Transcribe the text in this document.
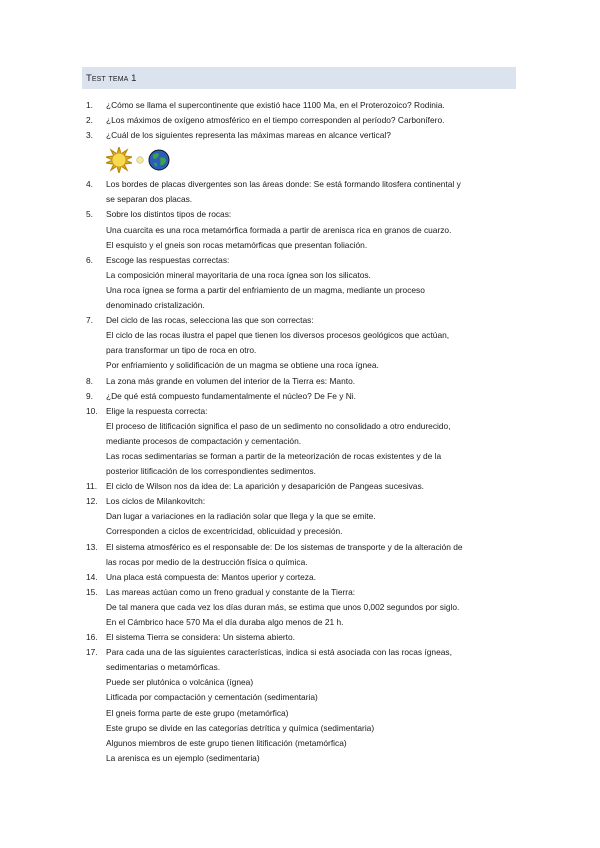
Test tema 1
1.	¿Cómo se llama el supercontinente que existió hace 1100 Ma, en el Proterozoico? Rodinia.
2.	¿Los máximos de oxígeno atmosférico en el tiempo corresponden al período? Carbonífero.
3.	¿Cuál de los siguientes representa las máximas mareas en alcance vertical?
4.	Los bordes de placas divergentes son las áreas donde: Se está formando litosfera continental y
se separan dos placas.
5.	Sobre los distintos tipos de rocas:
Una cuarcita es una roca metamórfica formada a partir de arenisca rica en granos de cuarzo.
El esquisto y el gneis son rocas metamórficas que presentan foliación.
6.	Escoge las respuestas correctas:
La composición mineral mayoritaria de una roca ígnea son los silicatos.
Una roca ígnea se forma a partir del enfriamiento de un magma, mediante un proceso
denominado cristalización.
7.	Del ciclo de las rocas, selecciona las que son correctas:
El ciclo de las rocas ilustra el papel que tienen los diversos procesos geológicos que actúan,
para transformar un tipo de roca en otro.
Por enfriamiento y solidificación de un magma se obtiene una roca ígnea.
8.	La zona más grande en volumen del interior de la Tierra es: Manto.
9.	¿De qué está compuesto fundamentalmente el núcleo? De Fe y Ni.
10. Elige la respuesta correcta:
El proceso de litificación significa el paso de un sedimento no consolidado a otro endurecido,
mediante procesos de compactación y cementación.
Las rocas sedimentarias se forman a partir de la meteorización de rocas existentes y de la
posterior litificación de los correspondientes sedimentos.
11.	El ciclo de Wilson nos da idea de: La aparición y desaparición de Pangeas sucesivas.
12. Los ciclos de Milankovitch:
Dan lugar a variaciones en la radiación solar que llega y la que se emite.
Corresponden a ciclos de excentricidad, oblicuidad y precesión.
13. El sistema atmosférico es el responsable de: De los sistemas de transporte y de la alteración de
las rocas por medio de la destrucción física o química.
14. Una placa está compuesta de: Mantos uperior y corteza.
15. Las mareas actúan como un freno gradual y constante de la Tierra:
De tal manera que cada vez los días duran más, se estima que unos 0,002 segundos por siglo.
En el Cámbrico hace 570 Ma el día duraba algo menos de 21 h.
16. El sistema Tierra se considera: Un sistema abierto.
17. Para cada una de las siguientes características, indica si está asociada con las rocas ígneas,
sedimentarias o metamórficas.
Puede ser plutónica o volcánica (ígnea)
Litficada por compactación y cementación (sedimentaria)
El gneis forma parte de este grupo (metamórfica)
Este grupo se divide en las categorías detrítica y química (sedimentaria)
Algunos miembros de este grupo tienen litificación (metamórfica)
La arenisca es un ejemplo (sedimentaria)
